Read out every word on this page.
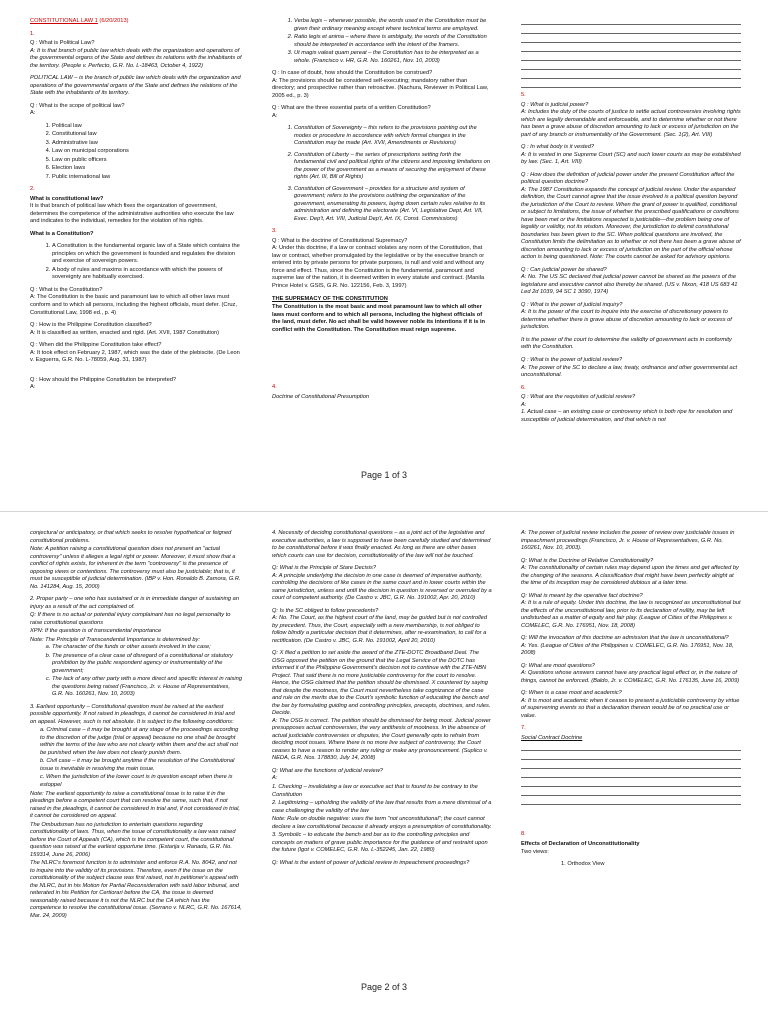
CONSTITUTIONAL LAW 1 (6/20/2013)

1.

Q : What is Political Law?
A: It is that branch of public law which deals with the organization and operations of the governmental organs of the State and defines its relations with the inhabitants of the territory. (People v. Perfecto, G.R. No. L-18463, October 4, 1922)

POLITICAL LAW – is the branch of public law which deals with the organization and operations of the governmental organs of the State and defines the relations of the State with the inhabitants of its territory.

Q : What is the scope of political law?
A:

1. Political law
2. Constitutional law
3. Administrative law
4. Law on municipal corporations
5. Law on public officers
6. Election laws
7. Public international law
2.

What is constitutional law?
It is that branch of political law which fixes the organization of government, determines the competence of the administrative authorities who execute the law and indicates to the individual, remedies for the violation of his rights.

What is a Constitution?

1. A Constitution is the fundamental organic law of a State which contains the principles on which the government is founded and regulates the division and exercise of sovereign powers.
2. A body of rules and maxims in accordance with which the powers of sovereignty are habitually exercised.

Q : What is the Constitution?
A: The Constitution is the basic and paramount law to which all other laws must conform and to which all persons, including the highest officials, must defer. (Cruz, Constitutional Law, 1998 ed., p. 4)

Q : How is the Philippine Constitution classified?
A: It is classified as written, enacted and rigid. (Art. XVII, 1987 Constitution)

Q : When did the Philippine Constitution take effect?
A: It took effect on February 2, 1987, which was the date of the plebiscite. (De Leon v. Esguerra, G.R. No. L-78059, Aug. 31, 1987)

Q : How should the Philippine Constitution be interpreted?
A:

1. Verba legis – whenever possible, the words used in the Constitution must be given their ordinary meaning except where technical terms are employed.
2. Ratio legis et anima – where there is ambiguity, the words of the Constitution should be interpreted in accordance with the intent of the framers.
3. Ut magis valeat quam pereat – the Constitution has to be interpreted as a whole. (Francisco v. HR, G.R. No. 160261, Nov. 10, 2003)

Q : In case of doubt, how should the Constitution be construed?
A: The provisions should be considered self-executing; mandatory rather than directory; and prospective rather than retroactive. (Nachura, Reviewer in Political Law, 2005 ed., p. 3)

Q : What are the three essential parts of a written Constitution?
A:

1. Constitution of Sovereignty – this refers to the provisions pointing out the modes or procedure in accordance with which formal changes in the Constitution may be made (Art. XVII, Amendments or Revisions)
2. Constitution of Liberty – the series of prescriptions setting forth the fundamental civil and political rights of the citizens and imposing limitations on the power of the government as a means of securing the enjoyment of these rights (Art. III, Bill of Rights)
3. Constitution of Government – provides for a structure and system of government; refers to the provisions outlining the organization of the government, enumerating its powers, laying down certain rules relative to its administration and defining the electorate (Art. VI, Legislative Dept, Art. VII, Exec. Dep't, Art. VIII, Judicial Dep't, Art. IX, Const. Commissions)
3.

Q : What is the doctrine of Constitutional Supremacy?
A: Under this doctrine, if a law or contract violates any norm of the Constitution, that law or contract, whether promulgated by the legislative or by the executive branch or entered into by private persons for private purposes, is null and void and without any force and effect. Thus, since the Constitution is the fundamental, paramount and supreme law of the nation, it is deemed written in every statute and contract. (Manila Prince Hotel v. GSIS, G.R. No. 122156, Feb. 3, 1997)

THE SUPREMACY OF THE CONSTITUTION

The Constitution is the most basic and most paramount law to which all other laws must conform and to which all persons, including the highest officials of the land, must defer. No act shall be valid however noble its intentions if it is in conflict with the Constitution. The Constitution must reign supreme.

4.

Doctrine of Constitutional Presumption

5.

Q : What is judicial power?
A: Includes the duty of the courts of justice to settle actual controversies involving rights which are legally demandable and enforceable, and to determine whether or not there has been a grave abuse of discretion amounting to lack or excess of jurisdiction on the part of any branch or instrumentality of the Government. (Sec. 1(2), Art. VIII)

Q : In what body is it vested?
A: It is vested in one Supreme Court (SC) and such lower courts as may be established by law. (Sec. 1, Art. VIII)

Q : How does the definition of judicial power under the present Constitution affect the political question doctrine?
A: The 1987 Constitution expands the concept of judicial review. Under the expanded definition, the Court cannot agree that the issue involved is a political question beyond the jurisdiction of the Court to review. When the grant of power is qualified, conditional or subject to limitations, the issue of whether the prescribed qualifications or conditions have been met or the limitations respected is justiciable—the problem being one of legality or validity, not its wisdom. Moreover, the jurisdiction to delimit constitutional boundaries has been given to the SC. When political questions are involved, the Constitution limits the delimitation as to whether or not there has been a grave abuse of discretion amounting to lack or excess of jurisdiction on the part of the official whose action is being questioned. Note: The courts cannot be asked for advisory opinions.

Q : Can judicial power be shared?
A: No. The US SC declared that judicial power cannot be shared as the powers of the legislature and executive cannot also thereby be shared. (US v. Nixon, 418 US 683 41 Led 2d 1039, 94 SC 1 3090, 1974)

Q : What is the power of judicial inquiry?
A: It is the power of the court to inquire into the exercise of discretionary powers to determine whether there is grave abuse of discretion amounting to lack or excess of jurisdiction.

It is the power of the court to determine the validity of government acts in conformity with the Constitution.

Q : What is the power of judicial review?
A: The power of the SC to declare a law, treaty, ordinance and other governmental act unconstitutional.

6.

Q : What are the requisites of judicial review?
A:
1. Actual case – an existing case or controversy which is both ripe for resolution and susceptible of judicial determination, and that which is not

Page 1 of 3

conjectural or anticipatory, or that which seeks to resolve hypothetical or feigned constitutional problems.

Note: A petition raising a constitutional question does not present an "actual controversy" unless it alleges a legal right or power. Moreover, it must show that a conflict of rights exists, for inherent in the term "controversy" is the presence of opposing views or contentions. The controversy must also be justiciable; that is, it must be susceptible of judicial determination. (IBP v. Hon. Ronaldo B. Zamora, G.R. No. 141284, Aug. 15, 2000)

2. Proper party – one who has sustained or is in immediate danger of sustaining an injury as a result of the act complained of.

Q: If there is no actual or potential injury complainant has no legal personality to raise constitutional questions

XPN: If the question is of transcendental importance

Note: The Principle of Transcendental Importance is determined by:

a. The character of the funds or other assets involved in the case;
b. The presence of a clear case of disregard of a constitutional or statutory prohibition by the public respondent agency or instrumentality of the government;
c. The lack of any other party with a more direct and specific interest in raising the questions being raised (Francisco, Jr. v. House of Representatives, G.R. No. 160261, Nov. 10, 2003)

3. Earliest opportunity – Constitutional question must be raised at the earliest possible opportunity. If not raised in pleadings, it cannot be considered in trial and on appeal. However, such is not absolute. It is subject to the following conditions:

a. Criminal case – it may be brought at any stage of the proceedings according to the discretion of the judge (trial or appeal) because no one shall be brought within the terms of the law who are not clearly within them and the act shall not be punished when the law does not clearly punish them.

b. Civil case – it may be brought anytime if the resolution of the Constitutional issue is inevitable in resolving the main issue.

c. When the jurisdiction of the lower court is in question except when there is estoppel

Note: The earliest opportunity to raise a constitutional issue is to raise it in the pleadings before a competent court that can resolve the same, such that, if not raised in the pleadings, it cannot be considered in trial and, if not considered in trial, it cannot be considered on appeal.

The Ombudsman has no jurisdiction to entertain questions regarding constitutionality of laws. Thus, when the issue of constitutionality a law was raised before the Court of Appeals (CA), which is the competent court, the constitutional question was raised at the earliest opportune time. (Estarija v. Ranada, G.R. No. 159314, June 26, 2006)

The NLRC's foremost function is to administer and enforce R.A. No. 8042, and not to inquire into the validity of its provisions. Therefore, even if the issue on the constitutionality of the subject clause was first raised, not in petitioner's appeal with the NLRC, but in his Motion for Partial Reconsideration with said labor tribunal, and reiterated in his Petition for Certiorari before the CA, the issue is deemed seasonably raised because it is not the NLRC but the CA which has the competence to resolve the constitutional issue. (Serrano v. NLRC, G.R. No. 167614, Mar. 24, 2009)

4. Necessity of deciding constitutional questions – as a joint act of the legislative and executive authorities, a law is supposed to have been carefully studied and determined to be constitutional before it was finally enacted. As long as there are other bases which courts can use for decision, constitutionality of the law will not be touched.

Q: What is the Principle of Stare Decisis?
A: A principle underlying the decision in one case is deemed of imperative authority, controlling the decisions of like cases in the same court and in lower courts within the same jurisdiction, unless and until the decision in question is reversed or overruled by a court of competent authority. (De Castro v. JBC, G.R. No. 191002, Apr. 20, 2010)

Q: Is the SC obliged to follow precedents?
A: No. The Court, as the highest court of the land, may be guided but is not controlled by precedent. Thus, the Court, especially with a new membership, is not obliged to follow blindly a particular decision that it determines, after re-examination, to call for a rectification. (De Castro v. JBC, G.R. No. 191002, April 20, 2010)

Q: X filed a petition to set aside the award of the ZTE-DOTC Broadband Deal. The OSG opposed the petition on the ground that the Legal Service of the DOTC has informed it of the Philippine Government's decision not to continue with the ZTE-NBN Project. That said there is no more justiciable controversy for the court to resolve. Hence, the OSG claimed that the petition should be dismissed. X countered by saying that despite the mootness, the Court must nevertheless take cognizance of the case and rule on the merits due to the Court's symbolic function of educating the bench and the bar by formulating guiding and controlling principles, precepts, doctrines, and rules. Decide.
A: The OSG is correct. The petition should be dismissed for being moot. Judicial power presupposes actual controversies, the very antithesis of mootness. In the absence of actual justiciable controversies or disputes, the Court generally opts to refrain from deciding moot issues. Where there is no more live subject of controversy, the Court ceases to have a reason to render any ruling or make any pronouncement. (Suplico v. NEDA, G.R. Nos. 178830, July 14, 2008)

Q: What are the functions of judicial review?
A:

1. Checking – invalidating a law or executive act that is found to be contrary to the Constitution

2. Legitimizing – upholding the validity of the law that results from a mere dismissal of a case challenging the validity of the law

Note: Rule on double negative: uses the term "not unconstitutional"; the court cannot declare a law constitutional because it already enjoys a presumption of constitutionality.

3. Symbolic – to educate the bench and bar as to the controlling principles and concepts on matters of grave public importance for the guidance of and restraint upon the future (Igot v. COMELEC, G.R. No. L-352245, Jan. 22, 1980)

Q: What is the extent of power of judicial review in impeachment proceedings?

A: The power of judicial review includes the power of review over justiciable issues in impeachment proceedings (Francisco, Jr. v. House of Representatives, G.R. No. 160261, Nov. 10, 2003).

Q: What is the Doctrine of Relative Constitutionality?
A: The constitutionality of certain rules may depend upon the times and get affected by the changing of the seasons. A classification that might have been perfectly alright at the time of its inception may be considered dubious at a later time.

Q: What is meant by the operative fact doctrine?
A: It is a rule of equity. Under this doctrine, the law is recognized as unconstitutional but the effects of the unconstitutional law, prior to its declaration of nullity, may be left undisturbed as a matter of equity and fair play. (League of Cities of the Philippines v. COMELEC, G.R. No. 176951, Nov. 18, 2008)

Q: Will the invocation of this doctrine an admission that the law is unconstitutional?
A: Yes. (League of Cities of the Philippines v. COMELEC, G.R. No. 176951, Nov. 18, 2008)

Q: What are moot questions?
A: Questions whose answers cannot have any practical legal effect or, in the nature of things, cannot be enforced. (Baldo, Jr. v. COMELEC, G.R. No. 176135, June 16, 2009)

Q: When is a case moot and academic?
A: It is moot and academic when it ceases to present a justiciable controversy by virtue of supervening events so that a declaration thereon would be of no practical use or value.

7.

Social Contract Doctrine

8.

Effects of Declaration of Unconstitutionality

Two views:

1. Orthodox View

Page 2 of 3
